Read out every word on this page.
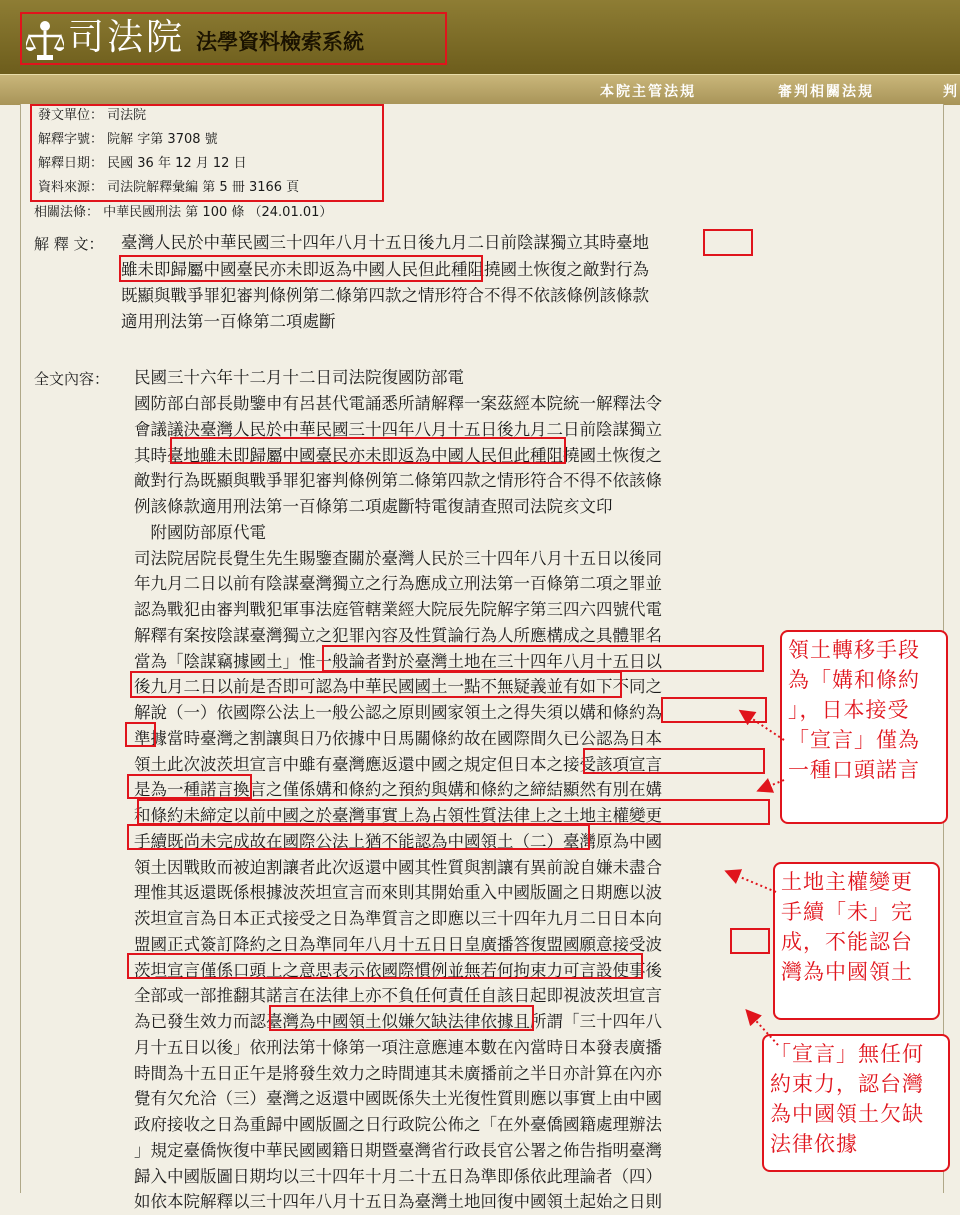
司法院 法學資料檢索系統
本院主管法規	審判相關法規	判
發文單位： 司法院
解釋字號： 院解 字第 3708 號
解釋日期： 民國 36 年 12 月 12 日
資料來源： 司法院解釋彙編 第 5 冊 3166 頁
相關法條： 中華民國刑法 第 100 條 （24.01.01）
解 釋 文： 臺灣人民於中華民國三十四年八月十五日後九月二日前陰謀獨立其時臺地
雖未即歸屬中國臺民亦未即返為中國人民但此種阻撓國土恢復之敵對行為
既顯與戰爭罪犯審判條例第二條第四款之情形符合不得不依該條例該條款
適用刑法第一百條第二項處斷
全文內容： 民國三十六年十二月十二日司法院復國防部電
國防部白部長勛鑒申有呂甚代電誦悉所請解釋一案茲經本院統一解釋法令
會議議決臺灣人民於中華民國三十四年八月十五日後九月二日前陰謀獨立
其時臺地雖未即歸屬中國臺民亦未即返為中國人民但此種阻撓國土恢復之
敵對行為既顯與戰爭罪犯審判條例第二條第四款之情形符合不得不依該條
例該條款適用刑法第一百條第二項處斷特電復請查照司法院亥文印
　附國防部原代電
司法院居院長覺生先生賜鑒查關於臺灣人民於三十四年八月十五日以後同
年九月二日以前有陰謀臺灣獨立之行為應成立刑法第一百條第二項之罪並
認為戰犯由審判戰犯軍事法庭管轄業經大院辰先院解字第三四六四號代電
解釋有案按陰謀臺灣獨立之犯罪內容及性質論行為人所應構成之具體罪名
當為「陰謀竊據國土」惟一般論者對於臺灣土地在三十四年八月十五日以
後九月二日以前是否即可認為中華民國國土一點不無疑義並有如下不同之
解說（一）依國際公法上一般公認之原則國家領土之得失須以媾和條約為
準據當時臺灣之割讓與日乃依據中日馬關條約故在國際間久已公認為日本
領土此次波茨坦宣言中雖有臺灣應返還中國之規定但日本之接受該項宣言
是為一種諾言換言之僅係媾和條約之預約與媾和條約之締結顯然有別在媾
和條約未締定以前中國之於臺灣事實上為占領性質法律上之土地主權變更
手續既尚未完成故在國際公法上猶不能認為中國領土（二）臺灣原為中國
領土因戰敗而被迫割讓者此次返還中國其性質與割讓有異前說自嫌未盡合
理惟其返還既係根據波茨坦宣言而來則其開始重入中國版圖之日期應以波
茨坦宣言為日本正式接受之日為準質言之即應以三十四年九月二日日本向
盟國正式簽訂降約之日為準同年八月十五日日皇廣播答復盟國願意接受波
茨坦宣言僅係口頭上之意思表示依國際慣例並無若何拘束力可言設使事後
全部或一部推翻其諾言在法律上亦不負任何責任自該日起即視波茨坦宣言
為已發生效力而認臺灣為中國領土似嫌欠缺法律依據且所謂「三十四年八
月十五日以後」依刑法第十條第一項注意應連本數在內當時日本發表廣播
時間為十五日正午是將發生效力之時間連其未廣播前之半日亦計算在內亦
覺有欠允洽（三）臺灣之返還中國既係失土光復性質則應以事實上由中國
政府接收之日為重歸中國版圖之日行政院公佈之「在外臺僑國籍處理辦法
」規定臺僑恢復中華民國國籍日期暨臺灣省行政長官公署之佈告指明臺灣
歸入中國版圖日期均以三十四年十月二十五日為準即係依此理論者（四）
如依本院解釋以三十四年八月十五日為臺灣土地回復中國領土起始之日則
領土轉移手段
為「媾和條約
」，日本接受
「宣言」僅為
一種口頭諾言
土地主權變更
手續「未」完
成，不能認台
灣為中國領土
「宣言」無任何
約束力，認台灣
為中國領土欠缺
法律依據
